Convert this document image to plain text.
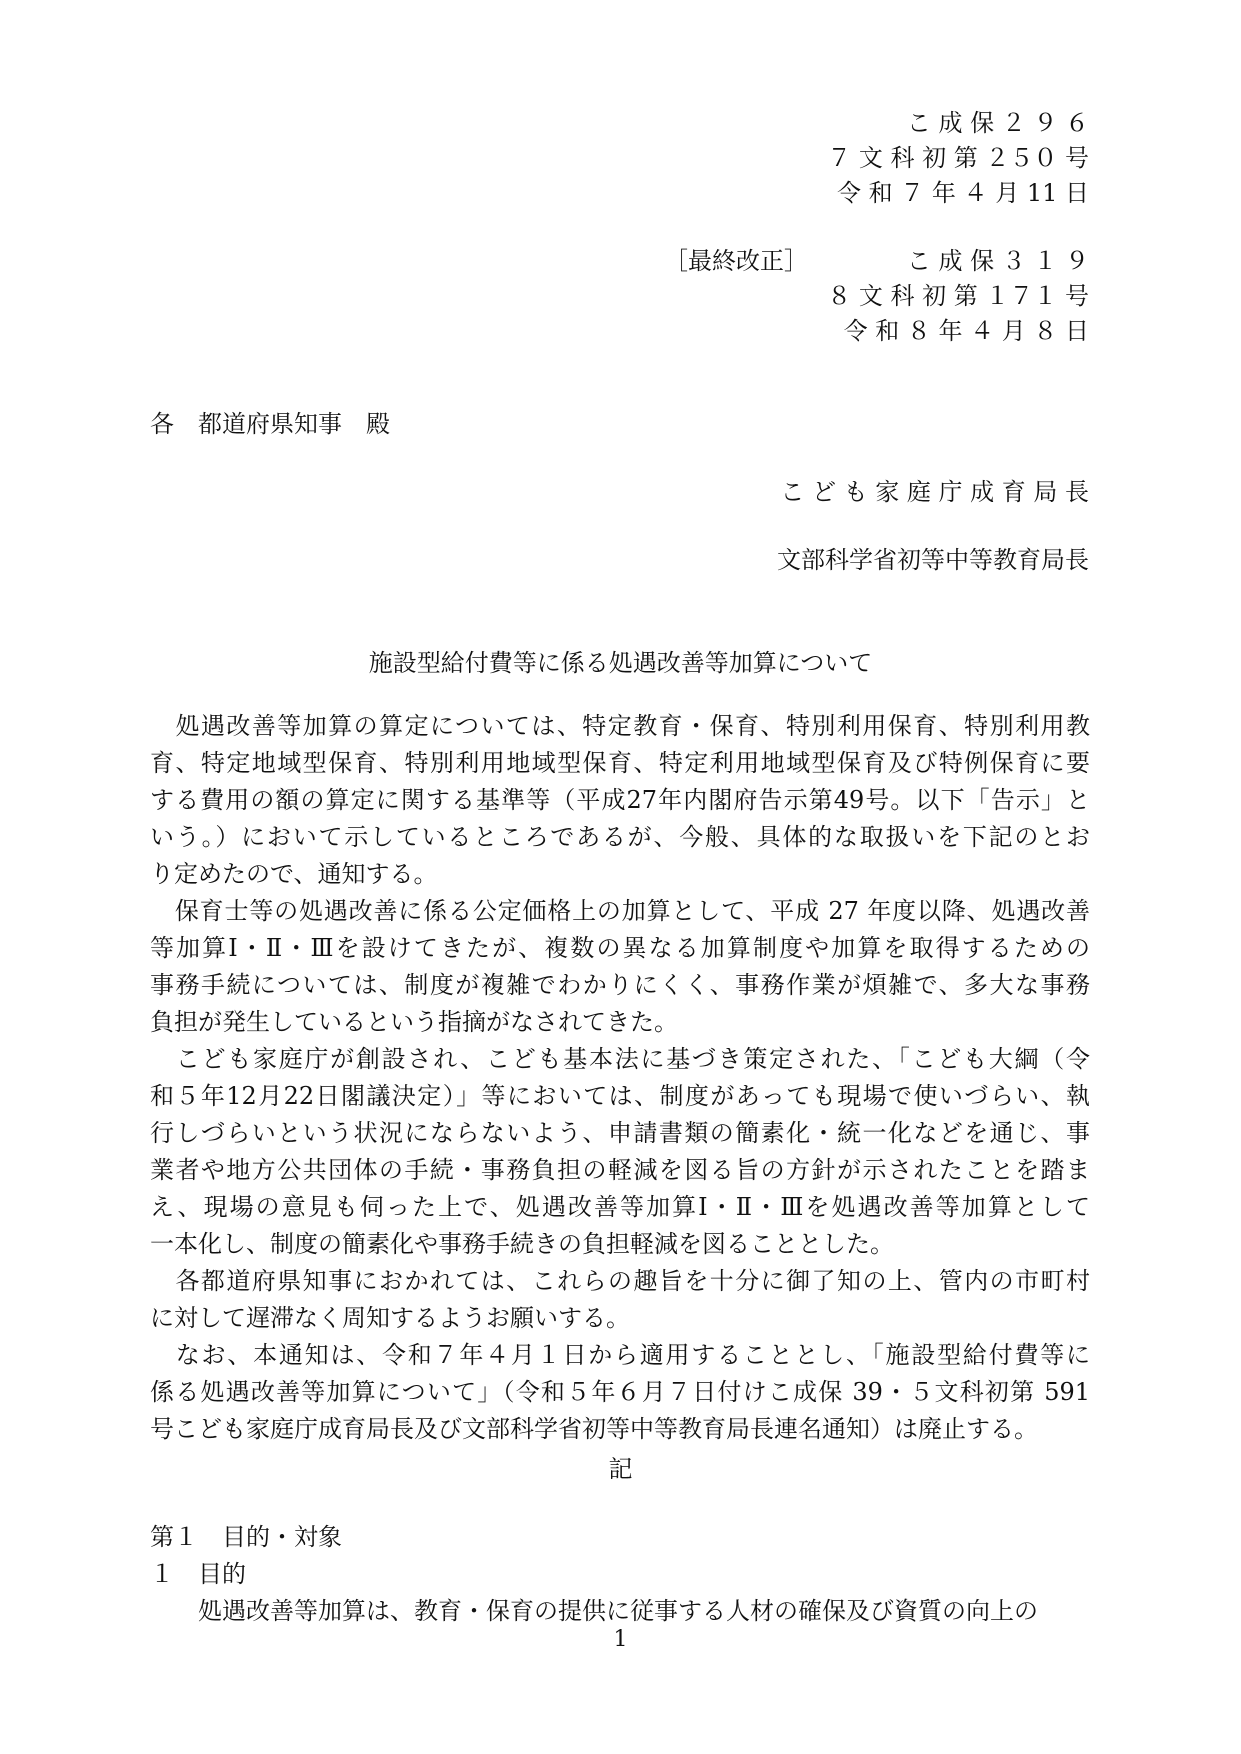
こ 成 保 ２ ９ ６
７ 文 科 初 第 ２５０ 号
令 和 ７ 年 ４ 月 11 日
［最終改正］	こ 成 保 ３ １ ９
８ 文 科 初 第 １７１ 号
令 和 ８ 年 ４ 月 ８ 日
各　都道府県知事　殿
こ ど も 家 庭 庁 成 育 局 長
文部科学省初等中等教育局長
施設型給付費等に係る処遇改善等加算について
　処遇改善等加算の算定については、特定教育・保育、特別利用保育、特別利用教
育、特定地域型保育、特別利用地域型保育、特定利用地域型保育及び特例保育に要
する費用の額の算定に関する基準等（平成27年内閣府告示第49号。以下「告示」と
いう。）において示しているところであるが、今般、具体的な取扱いを下記のとお
り定めたので、通知する。
　保育士等の処遇改善に係る公定価格上の加算として、平成 27 年度以降、処遇改善
等加算Ⅰ・Ⅱ・Ⅲを設けてきたが、複数の異なる加算制度や加算を取得するための
事務手続については、制度が複雑でわかりにくく、事務作業が煩雑で、多大な事務
負担が発生しているという指摘がなされてきた。
　こども家庭庁が創設され、こども基本法に基づき策定された、「こども大綱（令
和５年12月22日閣議決定）」等においては、制度があっても現場で使いづらい、執
行しづらいという状況にならないよう、申請書類の簡素化・統一化などを通じ、事
業者や地方公共団体の手続・事務負担の軽減を図る旨の方針が示されたことを踏ま
え、現場の意見も伺った上で、処遇改善等加算Ⅰ・Ⅱ・Ⅲを処遇改善等加算として
一本化し、制度の簡素化や事務手続きの負担軽減を図ることとした。
　各都道府県知事におかれては、これらの趣旨を十分に御了知の上、管内の市町村
に対して遅滞なく周知するようお願いする。
　なお、本通知は、令和７年４月１日から適用することとし、「施設型給付費等に
係る処遇改善等加算について」（令和５年６月７日付けこ成保 39・５文科初第 591
号こども家庭庁成育局長及び文部科学省初等中等教育局長連名通知）は廃止する。
記
第１　目的・対象
１　目的
　　処遇改善等加算は、教育・保育の提供に従事する人材の確保及び資質の向上の
1
